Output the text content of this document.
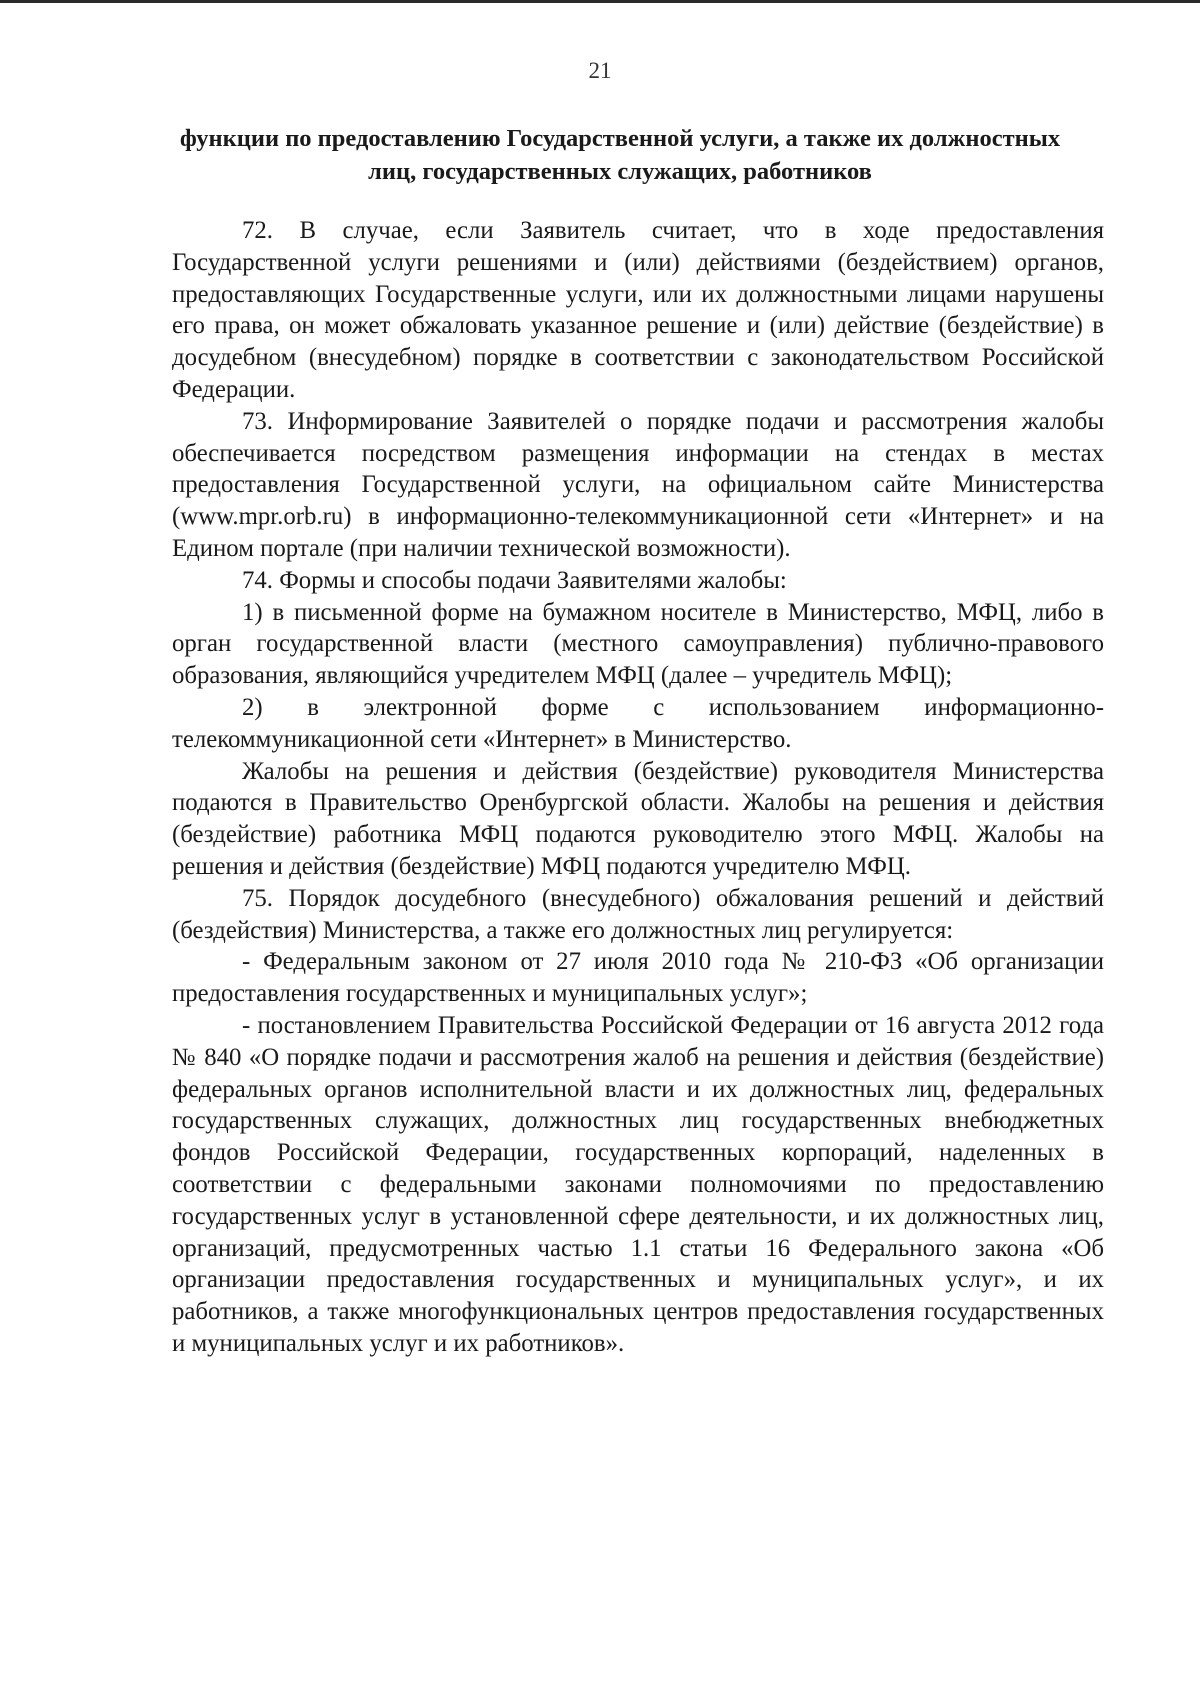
21
функции по предоставлению Государственной услуги, а также их должностных лиц, государственных служащих, работников

72. В случае, если Заявитель считает, что в ходе предоставления Государственной услуги решениями и (или) действиями (бездействием) органов, предоставляющих Государственные услуги, или их должностными лицами нарушены его права, он может обжаловать указанное решение и (или) действие (бездействие) в досудебном (внесудебном) порядке в соответствии с законодательством Российской Федерации.

73. Информирование Заявителей о порядке подачи и рассмотрения жалобы обеспечивается посредством размещения информации на стендах в местах предоставления Государственной услуги, на официальном сайте Министерства (www.mpr.orb.ru) в информационно-телекоммуникационной сети «Интернет» и на Едином портале (при наличии технической возможности).

74. Формы и способы подачи Заявителями жалобы:

1) в письменной форме на бумажном носителе в Министерство, МФЦ, либо в орган государственной власти (местного самоуправления) публично-правового образования, являющийся учредителем МФЦ (далее – учредитель МФЦ);

2) в электронной форме с использованием информационно-телекоммуникационной сети «Интернет» в Министерство.

Жалобы на решения и действия (бездействие) руководителя Министерства подаются в Правительство Оренбургской области. Жалобы на решения и действия (бездействие) работника МФЦ подаются руководителю этого МФЦ. Жалобы на решения и действия (бездействие) МФЦ подаются учредителю МФЦ.

75. Порядок досудебного (внесудебного) обжалования решений и действий (бездействия) Министерства, а также его должностных лиц регулируется:

- Федеральным законом от 27 июля 2010 года № 210-ФЗ «Об организации предоставления государственных и муниципальных услуг»;

- постановлением Правительства Российской Федерации от 16 августа 2012 года № 840 «О порядке подачи и рассмотрения жалоб на решения и действия (бездействие) федеральных органов исполнительной власти и их должностных лиц, федеральных государственных служащих, должностных лиц государственных внебюджетных фондов Российской Федерации, государственных корпораций, наделенных в соответствии с федеральными законами полномочиями по предоставлению государственных услуг в установленной сфере деятельности, и их должностных лиц, организаций, предусмотренных частью 1.1 статьи 16 Федерального закона «Об организации предоставления государственных и муниципальных услуг», и их работников, а также многофункциональных центров предоставления государственных и муниципальных услуг и их работников».
